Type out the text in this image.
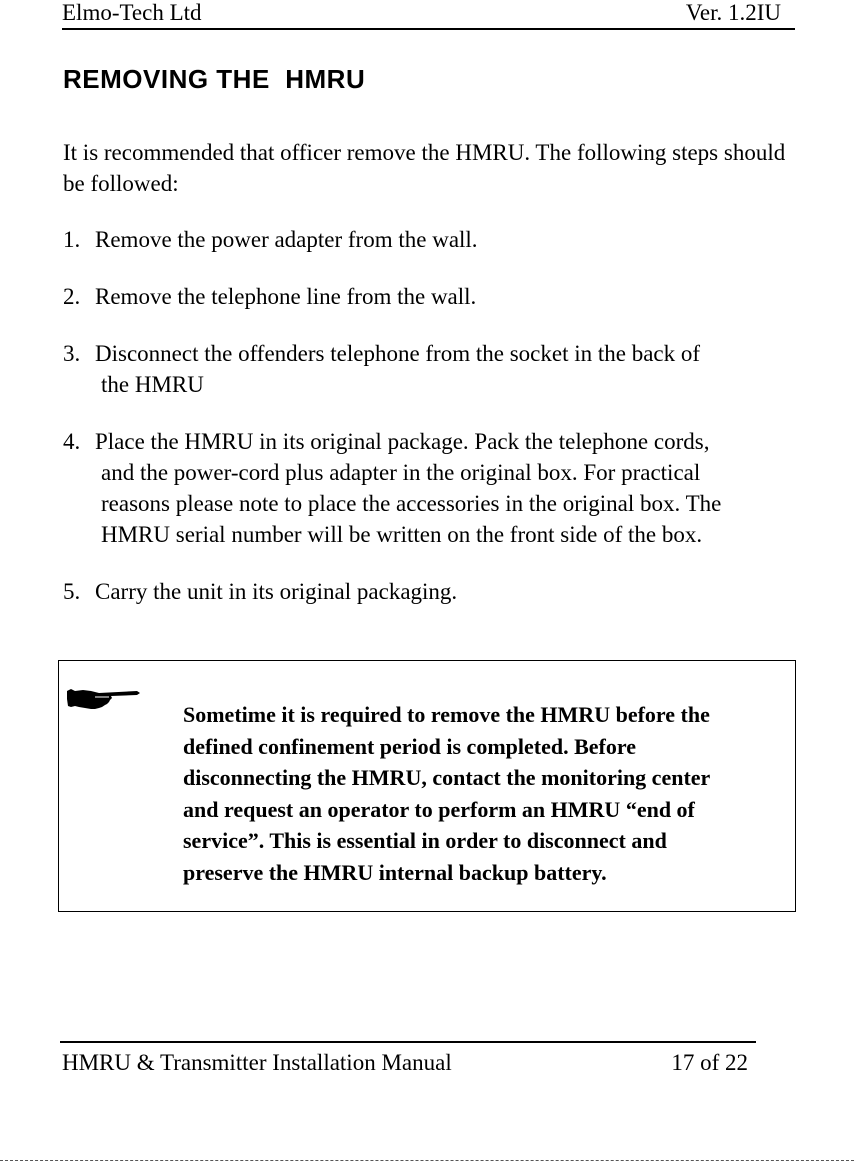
Elmo-Tech Ltd	Ver. 1.2IU
REMOVING THE  HMRU
It is recommended that officer remove the HMRU. The following steps should be followed:
1. Remove the power adapter from the wall.
2. Remove the telephone line from the wall.
3. Disconnect the offenders telephone from the socket in the back of
the HMRU
4. Place the HMRU in its original package. Pack the telephone cords,
and the power-cord plus adapter in the original box. For practical
reasons please note to place the accessories in the original box. The
HMRU serial number will be written on the front side of the box.
5. Carry the unit in its original packaging.
Sometime it is required to remove the HMRU before the
defined confinement period is completed. Before
disconnecting the HMRU, contact the monitoring center
and request an operator to perform an HMRU “end of
service”. This is essential in order to disconnect and
preserve the HMRU internal backup battery.
HMRU & Transmitter Installation Manual	17 of 22
